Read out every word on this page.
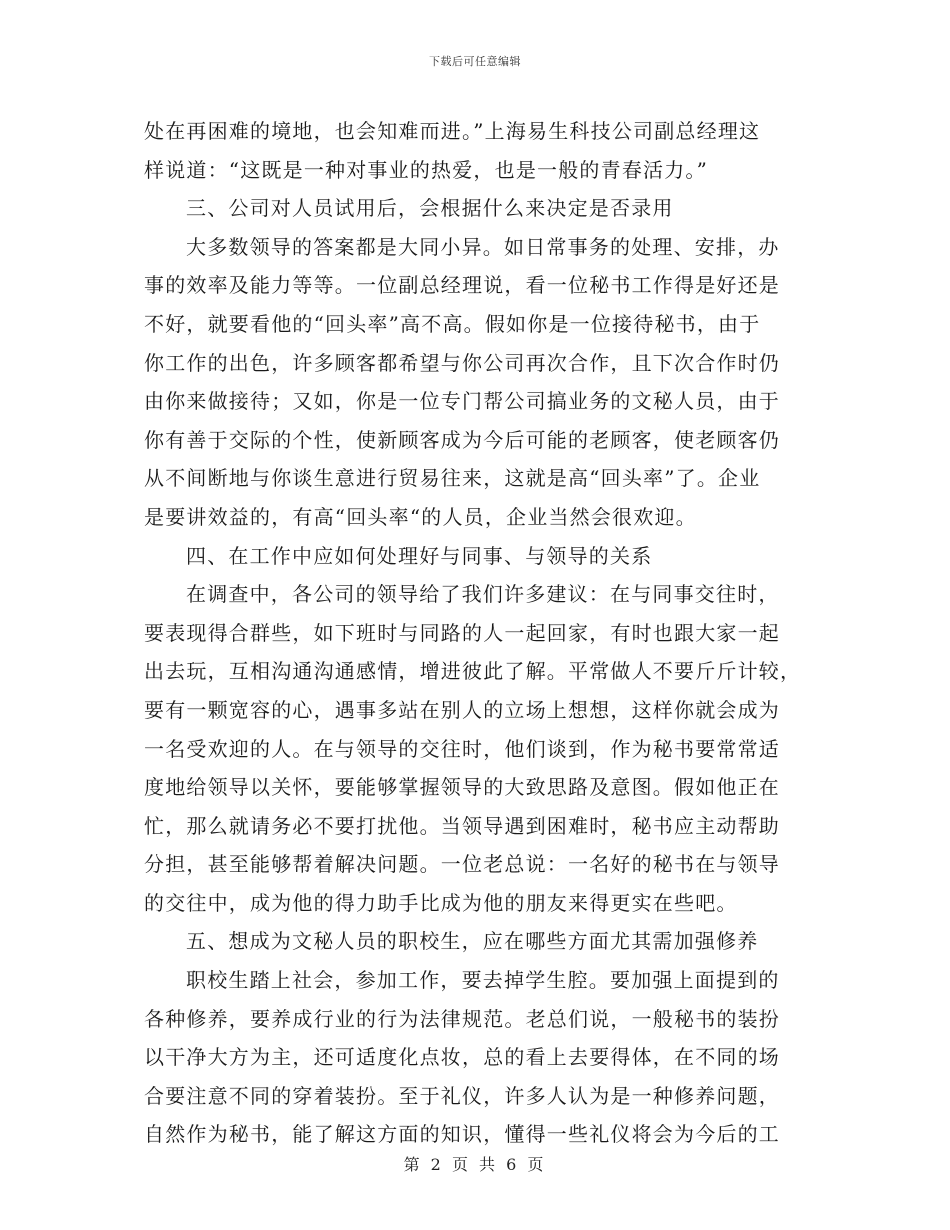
下载后可任意编辑
处在再困难的境地，也会知难而进。”上海易生科技公司副总经理这
样说道：“这既是一种对事业的热爱，也是一般的青春活力。”
三、公司对人员试用后，会根据什么来决定是否录用
大多数领导的答案都是大同小异。如日常事务的处理、安排，办
事的效率及能力等等。一位副总经理说，看一位秘书工作得是好还是
不好，就要看他的“回头率”高不高。假如你是一位接待秘书，由于
你工作的出色，许多顾客都希望与你公司再次合作，且下次合作时仍
由你来做接待；又如，你是一位专门帮公司搞业务的文秘人员，由于
你有善于交际的个性，使新顾客成为今后可能的老顾客，使老顾客仍
从不间断地与你谈生意进行贸易往来，这就是高“回头率”了。企业
是要讲效益的，有高“回头率“的人员，企业当然会很欢迎。
四、在工作中应如何处理好与同事、与领导的关系
在调查中，各公司的领导给了我们许多建议：在与同事交往时，
要表现得合群些，如下班时与同路的人一起回家，有时也跟大家一起
出去玩，互相沟通沟通感情，增进彼此了解。平常做人不要斤斤计较，
要有一颗宽容的心，遇事多站在别人的立场上想想，这样你就会成为
一名受欢迎的人。在与领导的交往时，他们谈到，作为秘书要常常适
度地给领导以关怀，要能够掌握领导的大致思路及意图。假如他正在
忙，那么就请务必不要打扰他。当领导遇到困难时，秘书应主动帮助
分担，甚至能够帮着解决问题。一位老总说：一名好的秘书在与领导
的交往中，成为他的得力助手比成为他的朋友来得更实在些吧。
五、想成为文秘人员的职校生，应在哪些方面尤其需加强修养
职校生踏上社会，参加工作，要去掉学生腔。要加强上面提到的
各种修养，要养成行业的行为法律规范。老总们说，一般秘书的装扮
以干净大方为主，还可适度化点妆，总的看上去要得体，在不同的场
合要注意不同的穿着装扮。至于礼仪，许多人认为是一种修养问题，
自然作为秘书，能了解这方面的知识，懂得一些礼仪将会为今后的工
第 2 页 共 6 页
